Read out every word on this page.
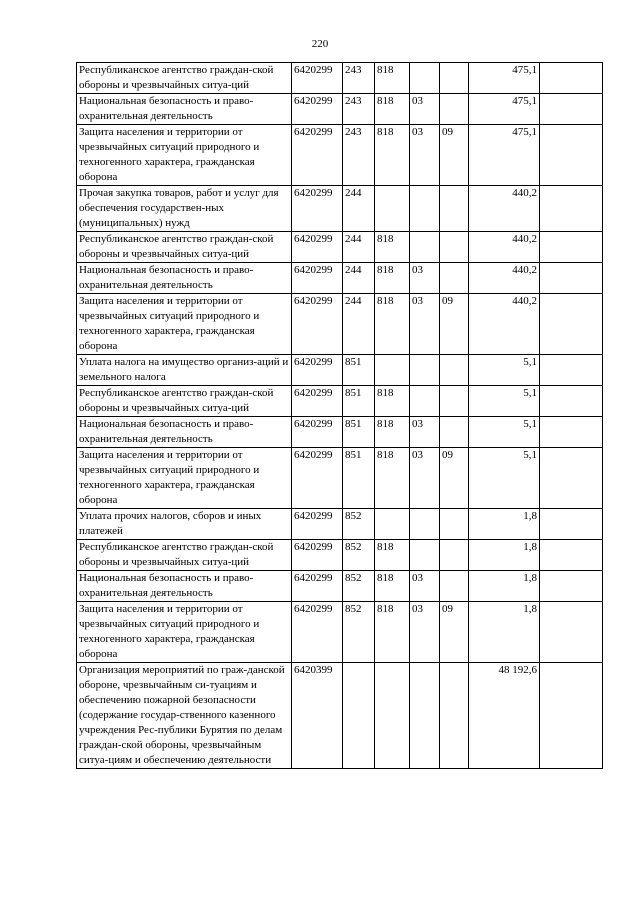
220
Республиканское агентство граждан-ской обороны и чрезвычайных ситуа-ций	6420299	243	818			475,1	
Национальная безопасность и право-охранительная деятельность	6420299	243	818	03		475,1	
Защита населения и территории от чрезвычайных ситуаций природного и техногенного характера, гражданская оборона	6420299	243	818	03	09	475,1	
Прочая закупка товаров, работ и услуг для обеспечения государствен-ных (муниципальных) нужд	6420299	244				440,2	
Республиканское агентство граждан-ской обороны и чрезвычайных ситуа-ций	6420299	244	818			440,2	
Национальная безопасность и право-охранительная деятельность	6420299	244	818	03		440,2	
Защита населения и территории от чрезвычайных ситуаций природного и техногенного характера, гражданская оборона	6420299	244	818	03	09	440,2	
Уплата налога на имущество организ-аций и земельного налога	6420299	851				5,1	
Республиканское агентство граждан-ской обороны и чрезвычайных ситуа-ций	6420299	851	818			5,1	
Национальная безопасность и право-охранительная деятельность	6420299	851	818	03		5,1	
Защита населения и территории от чрезвычайных ситуаций природного и техногенного характера, гражданская оборона	6420299	851	818	03	09	5,1	
Уплата прочих налогов, сборов и иных платежей	6420299	852				1,8	
Республиканское агентство граждан-ской обороны и чрезвычайных ситуа-ций	6420299	852	818			1,8	
Национальная безопасность и право-охранительная деятельность	6420299	852	818	03		1,8	
Защита населения и территории от чрезвычайных ситуаций природного и техногенного характера, гражданская оборона	6420299	852	818	03	09	1,8	
Организация мероприятий по граж-данской обороне, чрезвычайным си-туациям и обеспечению пожарной безопасности (содержание государ-ственного казенного учреждения Рес-публики Бурятия по делам граждан-ской обороны, чрезвычайным ситуа-циям и обеспечению деятельности	6420399					48 192,6	
